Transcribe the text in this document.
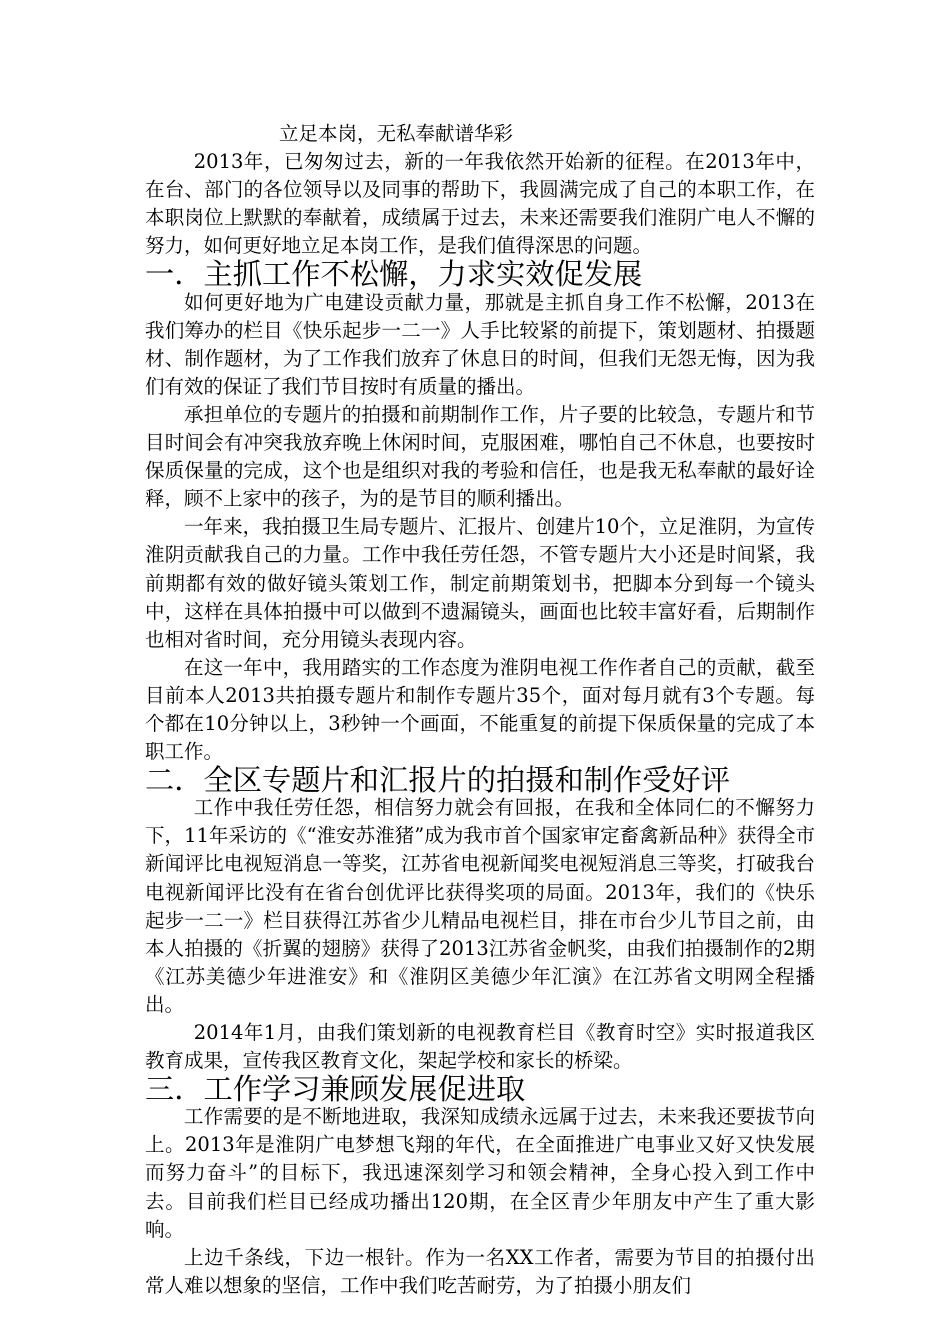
立足本岗，无私奉献谱华彩

2013年，已匆匆过去，新的一年我依然开始新的征程。在2013年中，在台、部门的各位领导以及同事的帮助下，我圆满完成了自己的本职工作，在本职岗位上默默的奉献着，成绩属于过去，未来还需要我们淮阴广电人不懈的努力，如何更好地立足本岗工作，是我们值得深思的问题。

一．主抓工作不松懈，力求实效促发展

如何更好地为广电建设贡献力量，那就是主抓自身工作不松懈，2013在我们筹办的栏目《快乐起步一二一》人手比较紧的前提下，策划题材、拍摄题材、制作题材，为了工作我们放弃了休息日的时间，但我们无怨无悔，因为我们有效的保证了我们节目按时有质量的播出。

承担单位的专题片的拍摄和前期制作工作，片子要的比较急，专题片和节目时间会有冲突我放弃晚上休闲时间，克服困难，哪怕自己不休息，也要按时保质保量的完成，这个也是组织对我的考验和信任，也是我无私奉献的最好诠释，顾不上家中的孩子，为的是节目的顺利播出。

一年来，我拍摄卫生局专题片、汇报片、创建片10个，立足淮阴，为宣传淮阴贡献我自己的力量。工作中我任劳任怨，不管专题片大小还是时间紧，我前期都有效的做好镜头策划工作，制定前期策划书，把脚本分到每一个镜头中，这样在具体拍摄中可以做到不遗漏镜头，画面也比较丰富好看，后期制作也相对省时间，充分用镜头表现内容。

在这一年中，我用踏实的工作态度为淮阴电视工作作者自己的贡献，截至目前本人2013共拍摄专题片和制作专题片35个，面对每月就有3个专题。每个都在10分钟以上，3秒钟一个画面，不能重复的前提下保质保量的完成了本职工作。

二．全区专题片和汇报片的拍摄和制作受好评

工作中我任劳任怨，相信努力就会有回报，在我和全体同仁的不懈努力下，11年采访的《“淮安苏淮猪”成为我市首个国家审定畜禽新品种》获得全市新闻评比电视短消息一等奖，江苏省电视新闻奖电视短消息三等奖，打破我台电视新闻评比没有在省台创优评比获得奖项的局面。2013年，我们的《快乐起步一二一》栏目获得江苏省少儿精品电视栏目，排在市台少儿节目之前，由本人拍摄的《折翼的翅膀》获得了2013江苏省金帆奖，由我们拍摄制作的2期《江苏美德少年进淮安》和《淮阴区美德少年汇演》在江苏省文明网全程播出。

2014年1月，由我们策划新的电视教育栏目《教育时空》实时报道我区教育成果，宣传我区教育文化，架起学校和家长的桥梁。

三．工作学习兼顾发展促进取

工作需要的是不断地进取，我深知成绩永远属于过去，未来我还要拔节向上。2013年是淮阴广电梦想飞翔的年代，在全面推进广电事业又好又快发展而努力奋斗”的目标下，我迅速深刻学习和领会精神，全身心投入到工作中去。目前我们栏目已经成功播出120期，在全区青少年朋友中产生了重大影响。

上边千条线，下边一根针。作为一名XX工作者，需要为节目的拍摄付出常人难以想象的坚信，工作中我们吃苦耐劳，为了拍摄小朋友们
